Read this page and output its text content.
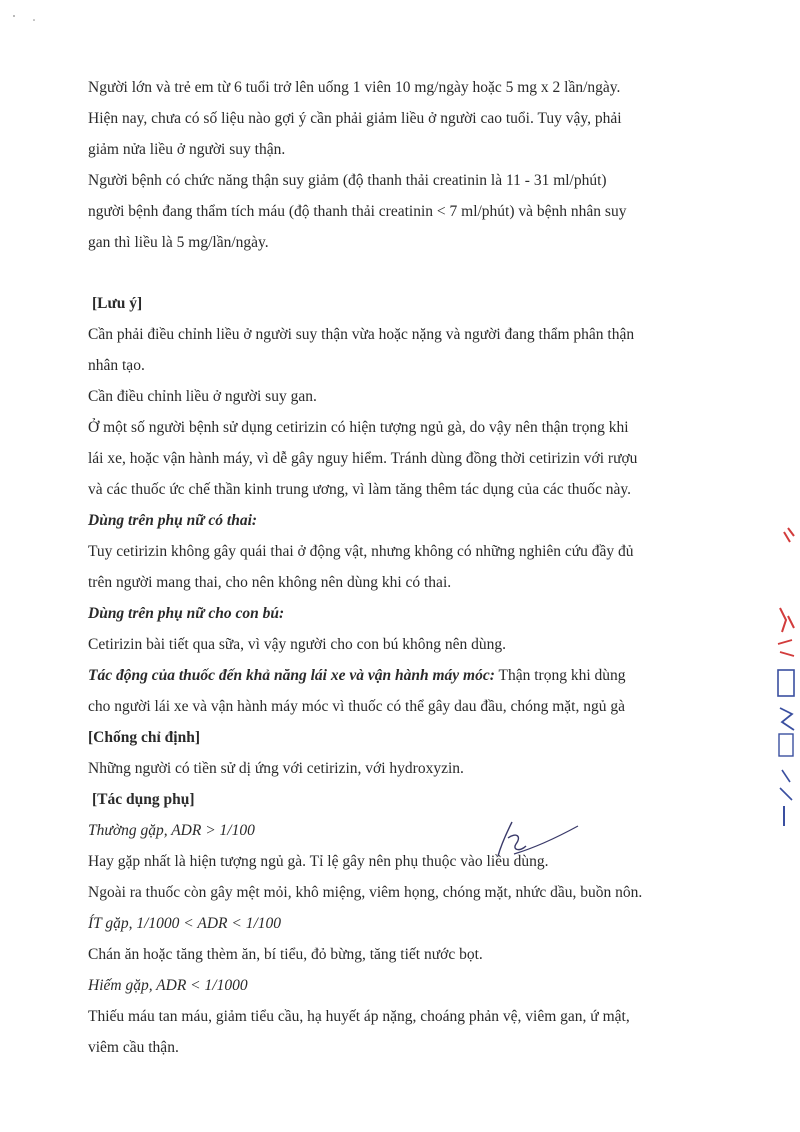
Người lớn và trẻ em từ 6 tuổi trở lên uống 1 viên 10 mg/ngày hoặc 5 mg x 2 lần/ngày.
Hiện nay, chưa có số liệu nào gợi ý cần phải giảm liều ở người cao tuổi. Tuy vậy, phải
giảm nửa liều ở người suy thận.
Người bệnh có chức năng thận suy giảm (độ thanh thải creatinin là 11 - 31 ml/phút)
người bệnh đang thẩm tích máu (độ thanh thải creatinin < 7 ml/phút) và bệnh nhân suy
gan thì liều là 5 mg/lần/ngày.
[Lưu ý]
Cần phải điều chỉnh liều ở người suy thận vừa hoặc nặng và người đang thẩm phân thận
nhân tạo.
Cần điều chỉnh liều ở người suy gan.
Ở một số người bệnh sử dụng cetirizin có hiện tượng ngủ gà, do vậy nên thận trọng khi
lái xe, hoặc vận hành máy, vì dễ gây nguy hiểm. Tránh dùng đồng thời cetirizin với rượu
và các thuốc ức chế thần kinh trung ương, vì làm tăng thêm tác dụng của các thuốc này.
Dùng trên phụ nữ có thai:
Tuy cetirizin không gây quái thai ở động vật, nhưng không có những nghiên cứu đầy đủ
trên người mang thai, cho nên không nên dùng khi có thai.
Dùng trên phụ nữ cho con bú:
Cetirizin bài tiết qua sữa, vì vậy người cho con bú không nên dùng.
Tác động của thuốc đến khả năng lái xe và vận hành máy móc: Thận trọng khi dùng
cho người lái xe và vận hành máy móc vì thuốc có thể gây dau đầu, chóng mặt, ngủ gà
[Chống chỉ định]
Những người có tiền sử dị ứng với cetirizin, với hydroxyzin.
[Tác dụng phụ]
Thường gặp, ADR > 1/100
Hay gặp nhất là hiện tượng ngủ gà. Tỉ lệ gây nên phụ thuộc vào liều dùng.
Ngoài ra thuốc còn gây mệt mỏi, khô miệng, viêm họng, chóng mặt, nhức dầu, buồn nôn.
ÍT gặp, 1/1000 < ADR < 1/100
Chán ăn hoặc tăng thèm ăn, bí tiểu, đỏ bừng, tăng tiết nước bọt.
Hiếm gặp, ADR < 1/1000
Thiếu máu tan máu, giảm tiểu cầu, hạ huyết áp nặng, choáng phản vệ, viêm gan, ứ mật,
viêm cầu thận.
